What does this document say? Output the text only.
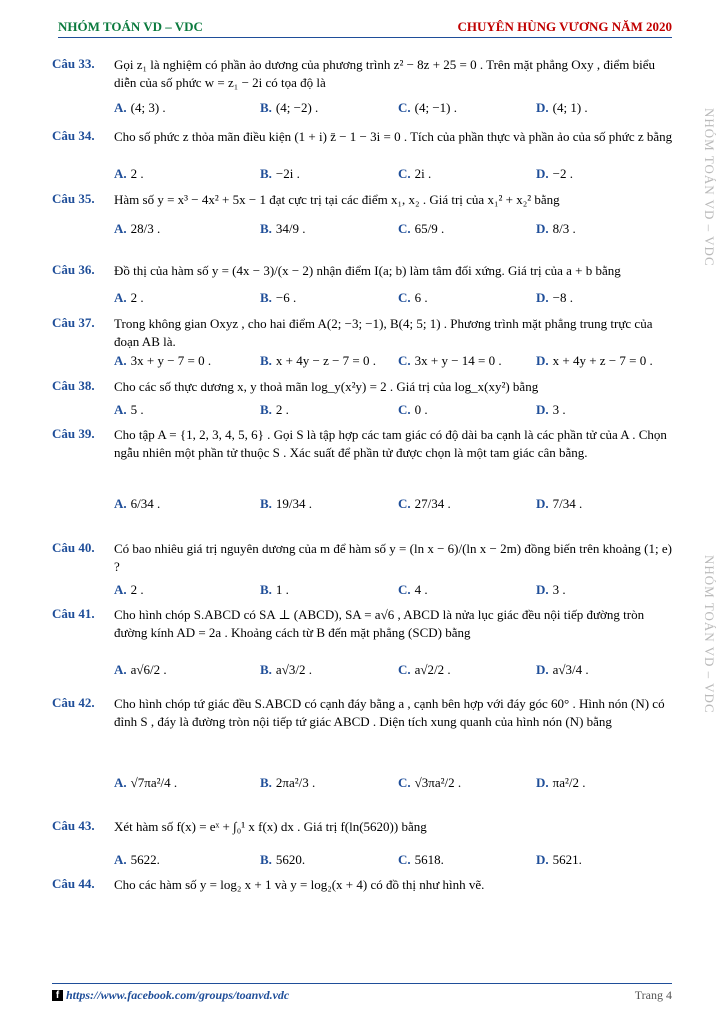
NHÓM TOÁN VD – VDC	CHUYÊN HÙNG VƯƠNG NĂM 2020
NHÓM TOÁN VD – VDC
NHÓM TOÁN VD – VDC
Câu 33. Gọi z₁ là nghiệm có phần ảo dương của phương trình z² − 8z + 25 = 0 . Trên mặt phẳng Oxy , điểm biểu diễn của số phức w = z₁ − 2i có tọa độ là
A. (4; 3) .	B. (4; −2) .	C. (4; −1) .	D. (4; 1) .
Câu 34. Cho số phức z thỏa mãn điều kiện (1 + i) z̄ − 1 − 3i = 0 . Tích của phần thực và phần ảo của số phức z bằng
A. 2 .	B. −2i .	C. 2i .	D. −2 .
Câu 35. Hàm số y = x³ − 4x² + 5x − 1 đạt cực trị tại các điểm x₁, x₂ . Giá trị của x₁² + x₂² bằng
A. 28/3 .	B. 34/9 .	C. 65/9 .	D. 8/3 .
Câu 36. Đồ thị của hàm số y = (4x − 3)/(x − 2) nhận điểm I(a; b) làm tâm đối xứng. Giá trị của a + b bằng
A. 2 .	B. −6 .	C. 6 .	D. −8 .
Câu 37. Trong không gian Oxyz , cho hai điểm A(2; −3; −1), B(4; 5; 1) . Phương trình mặt phẳng trung trực của đoạn AB là.
A. 3x + y − 7 = 0 .	B. x + 4y − z − 7 = 0 . C. 3x + y − 14 = 0 .	D. x + 4y + z − 7 = 0 .
Câu 38. Cho các số thực dương x, y thoả mãn log_y(x²y) = 2 . Giá trị của log_x(xy²) bằng
A. 5 .	B. 2 .	C. 0 .	D. 3 .
Câu 39. Cho tập A = {1, 2, 3, 4, 5, 6} . Gọi S là tập hợp các tam giác có độ dài ba cạnh là các phần tử của A . Chọn ngẫu nhiên một phần tử thuộc S . Xác suất để phần tử được chọn là một tam giác cân bằng.
A. 6/34 .	B. 19/34 .	C. 27/34 .	D. 7/34 .
Câu 40. Có bao nhiêu giá trị nguyên dương của m để hàm số y = (ln x − 6)/(ln x − 2m) đồng biến trên khoảng (1; e) ?
A. 2 .	B. 1 .	C. 4 .	D. 3 .
Câu 41. Cho hình chóp S.ABCD có SA ⊥ (ABCD), SA = a√6 , ABCD là nửa lục giác đều nội tiếp đường tròn đường kính AD = 2a . Khoảng cách từ B đến mặt phẳng (SCD) bằng
A. a√6/2 .	B. a√3/2 .	C. a√2/2 .	D. a√3/4 .
Câu 42. Cho hình chóp tứ giác đều S.ABCD có cạnh đáy bằng a , cạnh bên hợp với đáy góc 60° . Hình nón (N) có đỉnh S , đáy là đường tròn nội tiếp tứ giác ABCD . Diện tích xung quanh của hình nón (N) bằng
A. √7πa²/4 .	B. 2πa²/3 .	C. √3πa²/2 .	D. πa²/2 .
Câu 43. Xét hàm số f(x) = eˣ + ∫₀¹ x f(x) dx . Giá trị f(ln(5620)) bằng
A. 5622.	B. 5620.	C. 5618.	D. 5621.
Câu 44. Cho các hàm số y = log₂ x + 1 và y = log₂(x + 4) có đồ thị như hình vẽ.
f https://www.facebook.com/groups/toanvd.vdc	Trang 4
